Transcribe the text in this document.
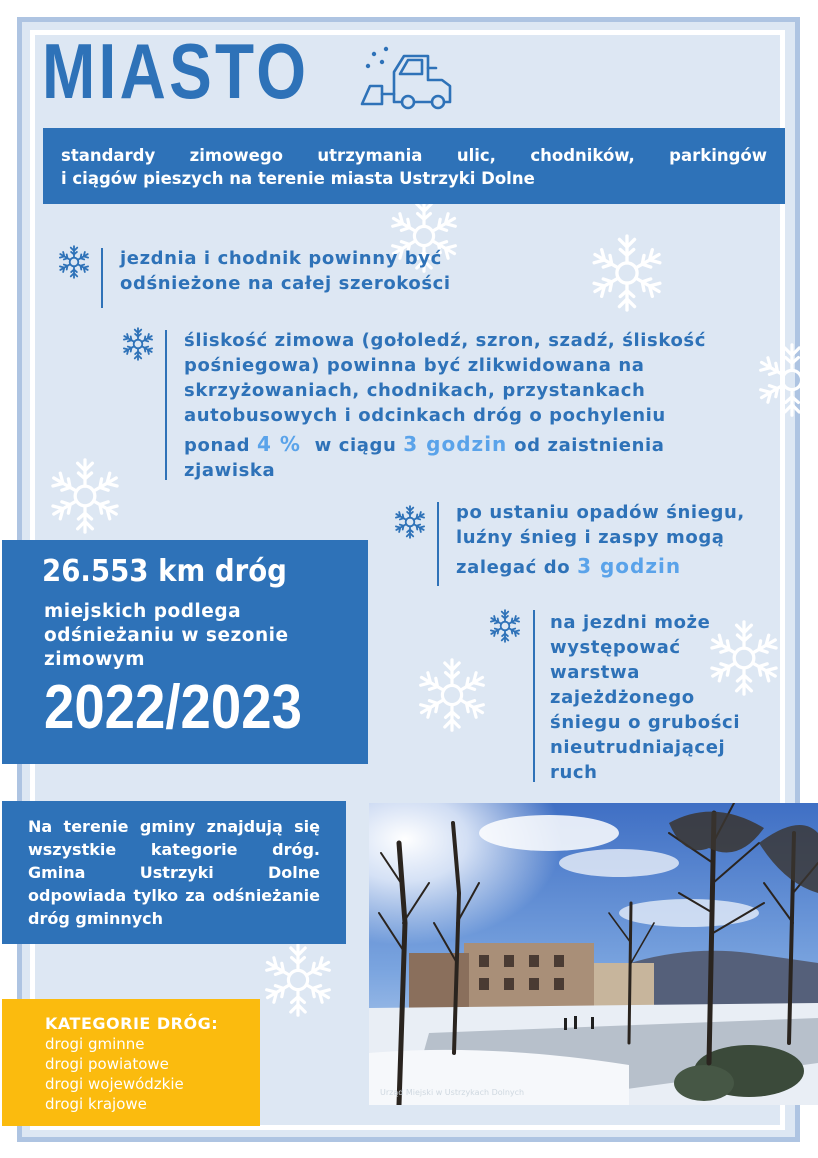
MIASTO
standardy zimowego utrzymania ulic, chodników, parkingów
i ciągów pieszych na terenie miasta Ustrzyki Dolne
jezdnia i chodnik powinny być
odśnieżone na całej szerokości
śliskość zimowa (gołoledź, szron, szadź, śliskość
pośniegowa) powinna być zlikwidowana na
skrzyżowaniach, chodnikach, przystankach
autobusowych i odcinkach dróg o pochyleniu
ponad 4 % w ciągu 3 godzin od zaistnienia
zjawiska
po ustaniu opadów śniegu,
luźny śnieg i zaspy mogą
zalegać do 3 godzin
na jezdni może
występować
warstwa
zajeżdżonego
śniegu o grubości
nieutrudniającej
ruch
26.553 km dróg
miejskich podlega odśnieżaniu w sezonie zimowym
2022/2023
Na terenie gminy znajdują się wszystkie kategorie dróg. Gmina Ustrzyki Dolne odpowiada tylko za odśnieżanie dróg gminnych
KATEGORIE DRÓG:
drogi gminne
drogi powiatowe
drogi wojewódzkie
drogi krajowe
Urząd Miejski w Ustrzykach Dolnych
